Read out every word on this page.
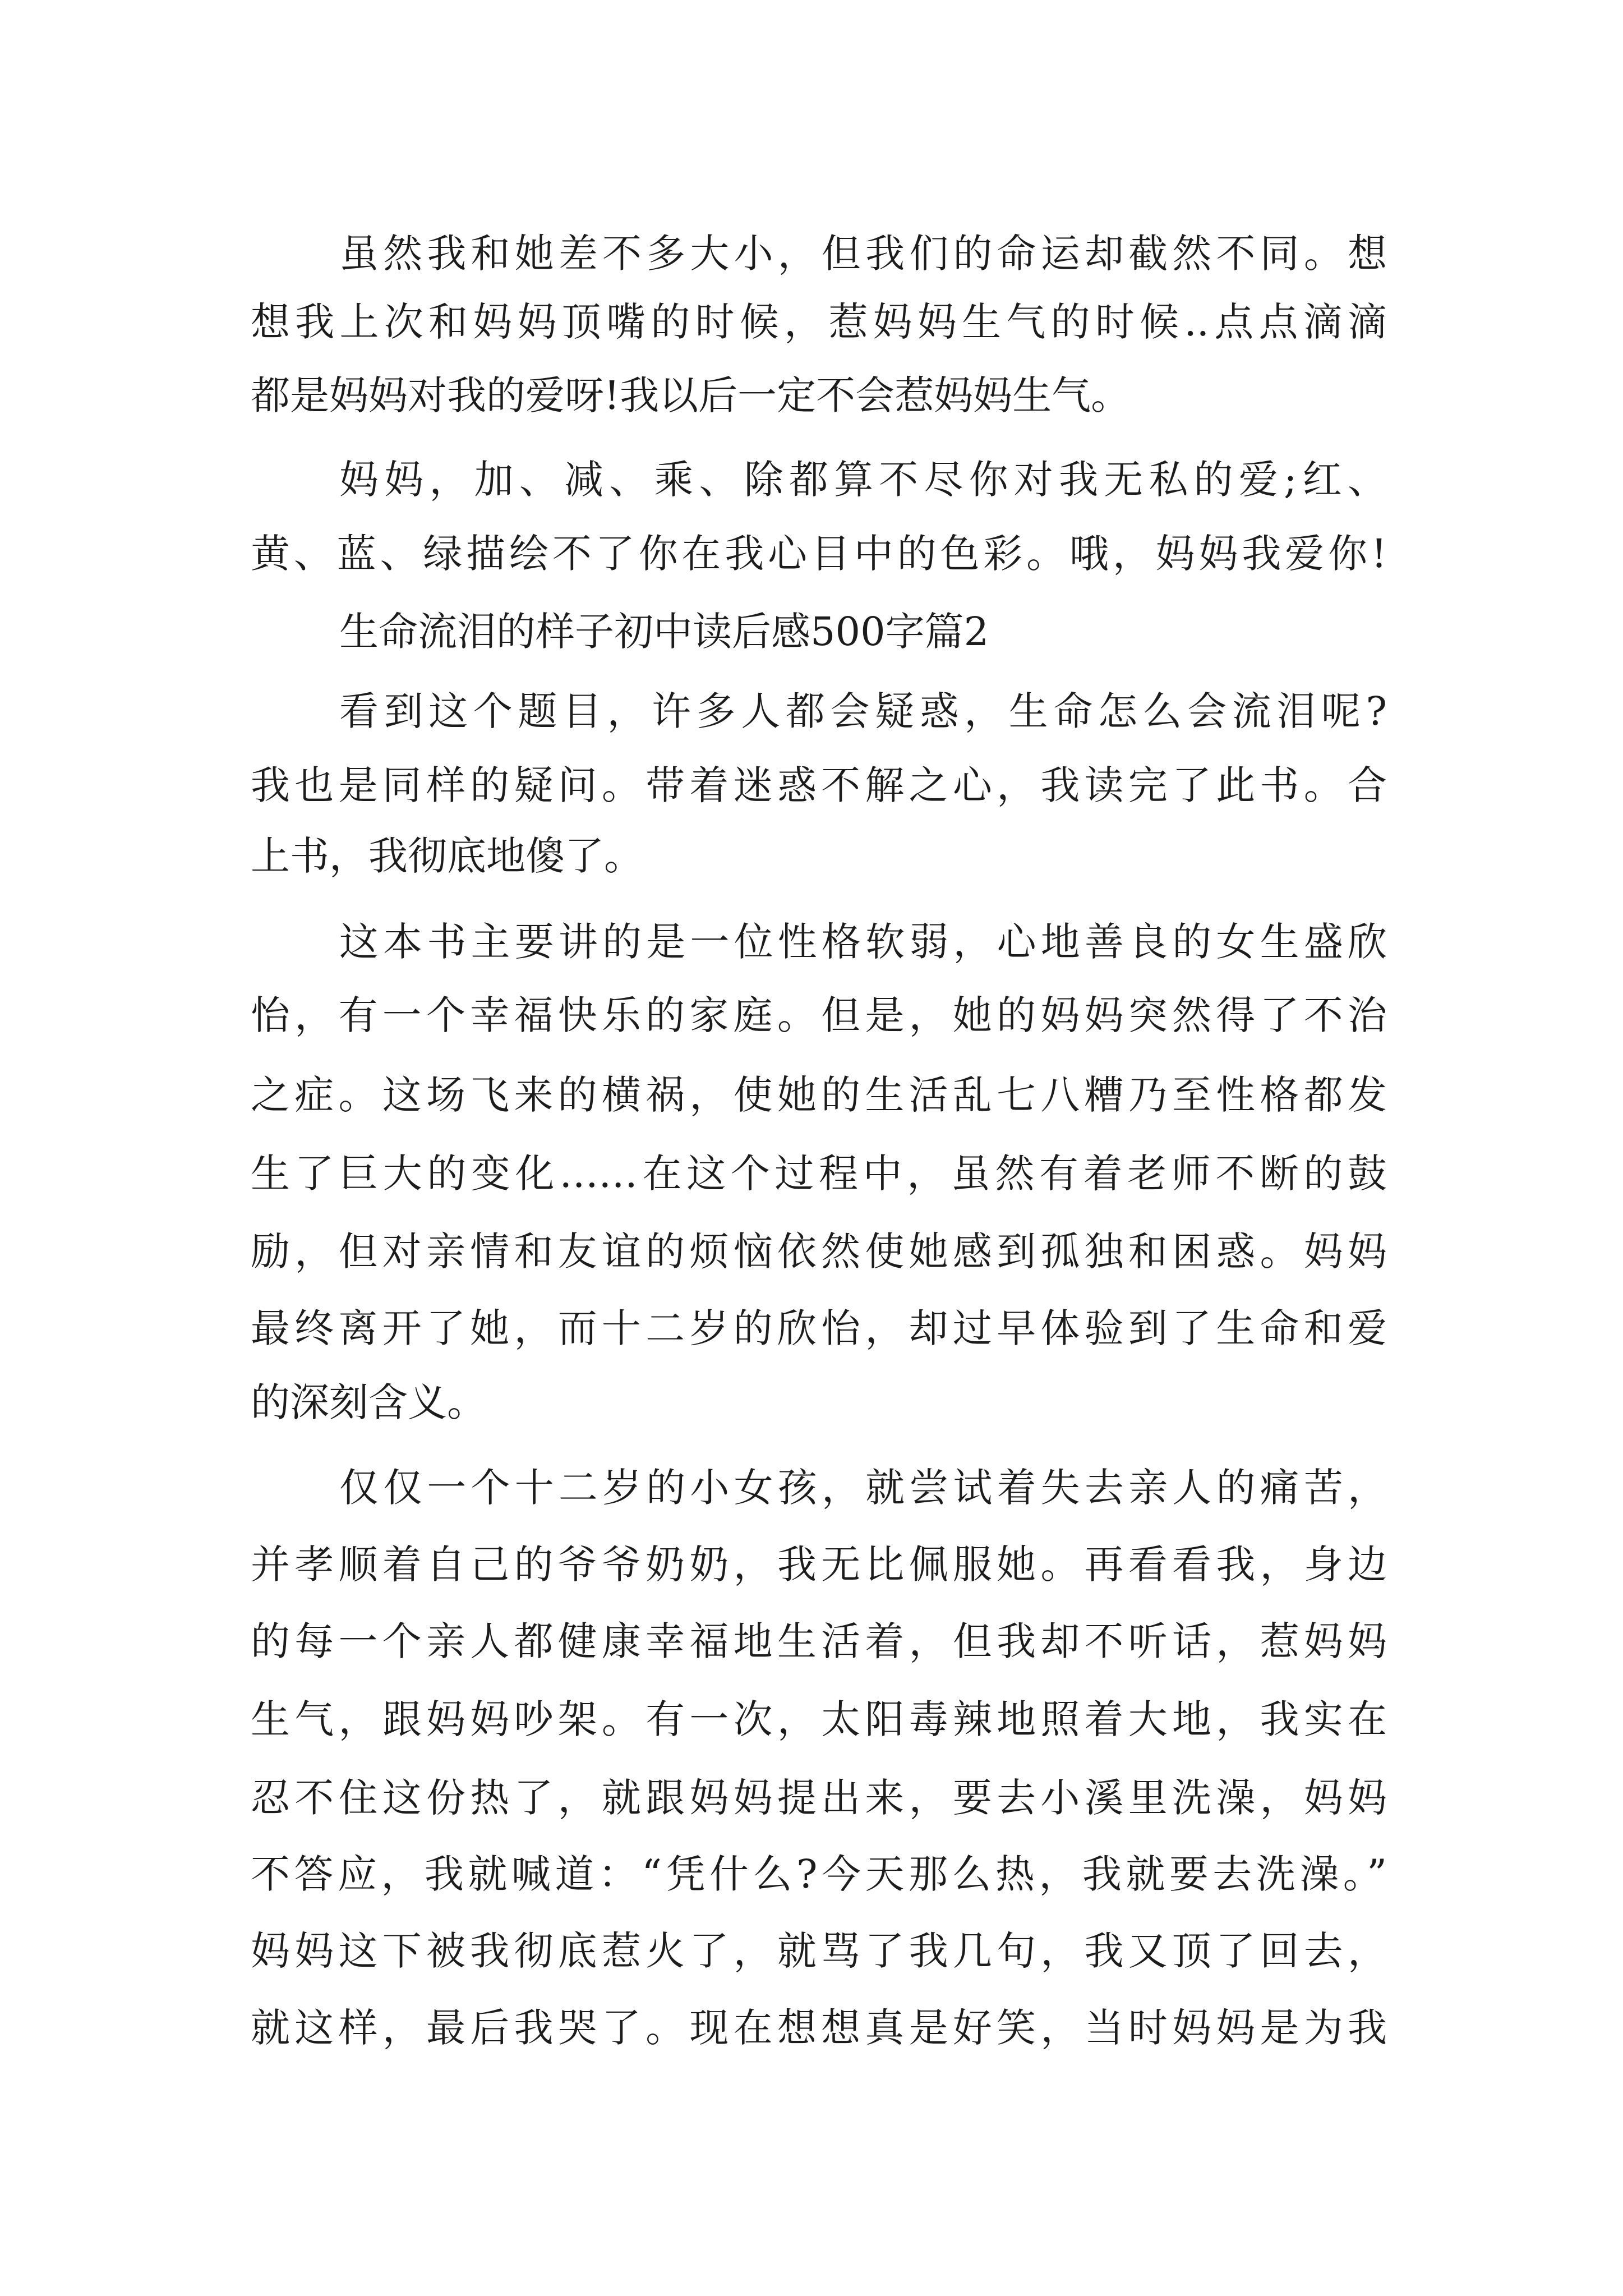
虽然我和她差不多大小，但我们的命运却截然不同。想
想我上次和妈妈顶嘴的时候，惹妈妈生气的时候..点点滴滴
都是妈妈对我的爱呀!我以后一定不会惹妈妈生气。
妈妈，加、减、乘、除都算不尽你对我无私的爱;红、
黄、蓝、绿描绘不了你在我心目中的色彩。哦，妈妈我爱你!
生命流泪的样子初中读后感500字篇2
看到这个题目，许多人都会疑惑，生命怎么会流泪呢?
我也是同样的疑问。带着迷惑不解之心，我读完了此书。合
上书，我彻底地傻了。
这本书主要讲的是一位性格软弱，心地善良的女生盛欣
怡，有一个幸福快乐的家庭。但是，她的妈妈突然得了不治
之症。这场飞来的横祸，使她的生活乱七八糟乃至性格都发
生了巨大的变化……在这个过程中，虽然有着老师不断的鼓
励，但对亲情和友谊的烦恼依然使她感到孤独和困惑。妈妈
最终离开了她，而十二岁的欣怡，却过早体验到了生命和爱
的深刻含义。
仅仅一个十二岁的小女孩，就尝试着失去亲人的痛苦，
并孝顺着自己的爷爷奶奶，我无比佩服她。再看看我，身边
的每一个亲人都健康幸福地生活着，但我却不听话，惹妈妈
生气，跟妈妈吵架。有一次，太阳毒辣地照着大地，我实在
忍不住这份热了，就跟妈妈提出来，要去小溪里洗澡，妈妈
不答应，我就喊道：“凭什么?今天那么热，我就要去洗澡。”
妈妈这下被我彻底惹火了，就骂了我几句，我又顶了回去，
就这样，最后我哭了。现在想想真是好笑，当时妈妈是为我
